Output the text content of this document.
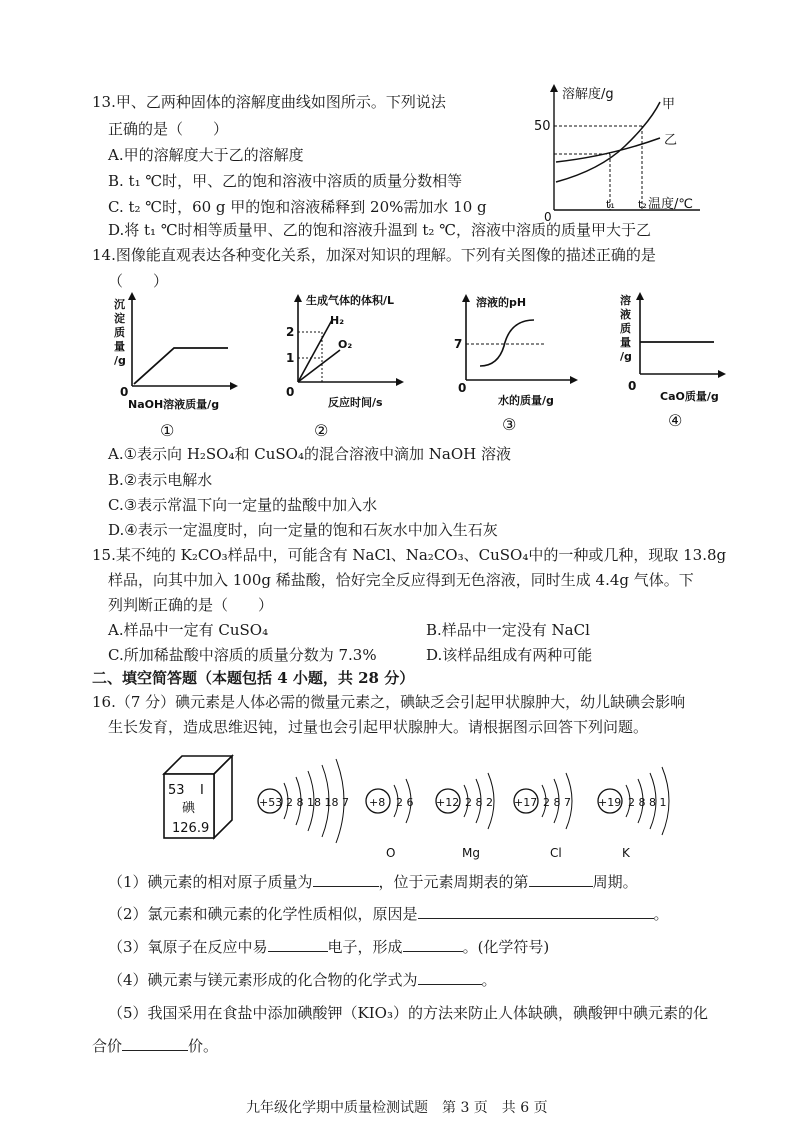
13.甲、乙两种固体的溶解度曲线如图所示。下列说法
正确的是（　　）
A.甲的溶解度大于乙的溶解度
B. t₁ ℃时，甲、乙的饱和溶液中溶质的质量分数相等
C. t₂ ℃时，60 g 甲的饱和溶液稀释到 20%需加水 10 g
D.将 t₁ ℃时相等质量甲、乙的饱和溶液升温到 t₂ ℃，溶液中溶质的质量甲大于乙
溶解度/g
50
0
甲
乙
t₁ t₂ 温度/℃
14.图像能直观表达各种变化关系，加深对知识的理解。下列有关图像的描述正确的是
（　　）
沉
淀
质
量
/g
0
NaOH溶液质量/g
①
生成气体的体积/L
2
1
H₂
O₂
0
反应时间/s
②
溶液的pH
7
0
水的质量/g
③
溶
液
质
量
/g
0
CaO质量/g
④
A.①表示向 H₂SO₄和 CuSO₄的混合溶液中滴加 NaOH 溶液
B.②表示电解水
C.③表示常温下向一定量的盐酸中加入水
D.④表示一定温度时，向一定量的饱和石灰水中加入生石灰
15.某不纯的 K₂CO₃样品中，可能含有 NaCl、Na₂CO₃、CuSO₄中的一种或几种，现取 13.8g
样品，向其中加入 100g 稀盐酸，恰好完全反应得到无色溶液，同时生成 4.4g 气体。下
列判断正确的是（　　）
A.样品中一定有 CuSO₄	B.样品中一定没有 NaCl
C.所加稀盐酸中溶质的质量分数为 7.3%	D.该样品组成有两种可能
二、填空简答题（本题包括 4 小题，共 28 分）
16.（7 分）碘元素是人体必需的微量元素之，碘缺乏会引起甲状腺肿大，幼儿缺碘会影响
生长发育，造成思维迟钝，过量也会引起甲状腺肿大。请根据图示回答下列问题。
53 I
碘
126.9
+53 2 8 18 18 7 +8 2 6
O
+12 2 8 2
Mg
+17 2 8 7
Cl
+19 2 8 8 1
K
（1）碘元素的相对原子质量为	，位于元素周期表的第	周期。
（2）氯元素和碘元素的化学性质相似，原因是	。
（3）氧原子在反应中易	电子，形成	。(化学符号)
（4）碘元素与镁元素形成的化合物的化学式为	。
（5）我国采用在食盐中添加碘酸钾（KIO₃）的方法来防止人体缺碘，碘酸钾中碘元素的化
合价	价。
九年级化学期中质量检测试题　第 3 页　共 6 页
